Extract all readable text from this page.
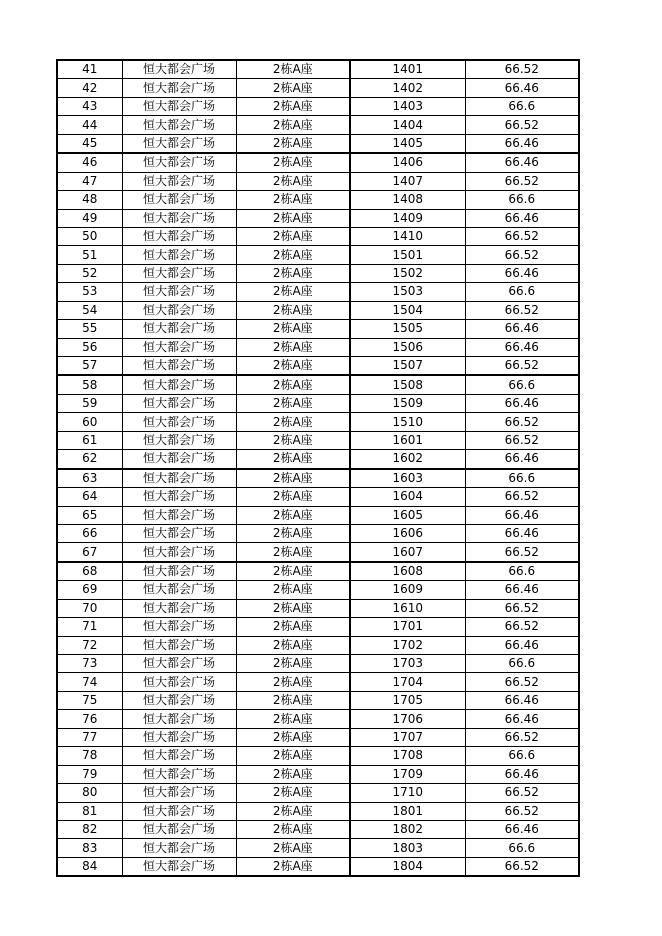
41	恒大都会广场	2栋A座	1401	66.52
42	恒大都会广场	2栋A座	1402	66.46
43	恒大都会广场	2栋A座	1403	66.6
44	恒大都会广场	2栋A座	1404	66.52
45	恒大都会广场	2栋A座	1405	66.46
46	恒大都会广场	2栋A座	1406	66.46
47	恒大都会广场	2栋A座	1407	66.52
48	恒大都会广场	2栋A座	1408	66.6
49	恒大都会广场	2栋A座	1409	66.46
50	恒大都会广场	2栋A座	1410	66.52
51	恒大都会广场	2栋A座	1501	66.52
52	恒大都会广场	2栋A座	1502	66.46
53	恒大都会广场	2栋A座	1503	66.6
54	恒大都会广场	2栋A座	1504	66.52
55	恒大都会广场	2栋A座	1505	66.46
56	恒大都会广场	2栋A座	1506	66.46
57	恒大都会广场	2栋A座	1507	66.52
58	恒大都会广场	2栋A座	1508	66.6
59	恒大都会广场	2栋A座	1509	66.46
60	恒大都会广场	2栋A座	1510	66.52
61	恒大都会广场	2栋A座	1601	66.52
62	恒大都会广场	2栋A座	1602	66.46
63	恒大都会广场	2栋A座	1603	66.6
64	恒大都会广场	2栋A座	1604	66.52
65	恒大都会广场	2栋A座	1605	66.46
66	恒大都会广场	2栋A座	1606	66.46
67	恒大都会广场	2栋A座	1607	66.52
68	恒大都会广场	2栋A座	1608	66.6
69	恒大都会广场	2栋A座	1609	66.46
70	恒大都会广场	2栋A座	1610	66.52
71	恒大都会广场	2栋A座	1701	66.52
72	恒大都会广场	2栋A座	1702	66.46
73	恒大都会广场	2栋A座	1703	66.6
74	恒大都会广场	2栋A座	1704	66.52
75	恒大都会广场	2栋A座	1705	66.46
76	恒大都会广场	2栋A座	1706	66.46
77	恒大都会广场	2栋A座	1707	66.52
78	恒大都会广场	2栋A座	1708	66.6
79	恒大都会广场	2栋A座	1709	66.46
80	恒大都会广场	2栋A座	1710	66.52
81	恒大都会广场	2栋A座	1801	66.52
82	恒大都会广场	2栋A座	1802	66.46
83	恒大都会广场	2栋A座	1803	66.6
84	恒大都会广场	2栋A座	1804	66.52
